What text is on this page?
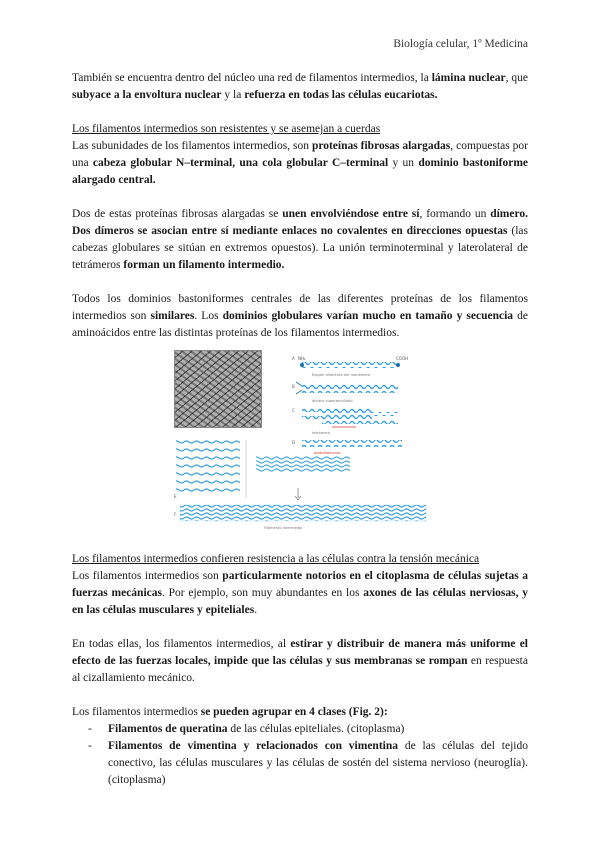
Biología celular, 1º Medicina

También se encuentra dentro del núcleo una red de filamentos intermedios, la lámina nuclear, que subyace a la envoltura nuclear y la refuerza en todas las células eucariotas.

Los filamentos intermedios son resistentes y se asemejan a cuerdas

Las subunidades de los filamentos intermedios, son proteínas fibrosas alargadas, compuestas por una cabeza globular N–terminal, una cola globular C–terminal y un dominio bastoniforme alargado central.

Dos de estas proteínas fibrosas alargadas se unen envolviéndose entre sí, formando un dímero. Dos dímeros se asocian entre sí mediante enlaces no covalentes en direcciones opuestas (las cabezas globulares se sitúan en extremos opuestos). La unión terminoterminal y laterolateral de tetrámeros forman un filamento intermedio.

Todos los dominios bastoniformes centrales de las diferentes proteínas de los filamentos intermedios son similares. Los dominios globulares varían mucho en tamaño y secuencia de aminoácidos entre las distintas proteínas de los filamentos intermedios.

A NH₂	COOH
Región alfahélice del monómero
B
dímero superenrollado
C
tetrámero
D
protofilamento
E
F
Filamento intermedio

Los filamentos intermedios confieren resistencia a las células contra la tensión mecánica

Los filamentos intermedios son particularmente notorios en el citoplasma de células sujetas a fuerzas mecánicas. Por ejemplo, son muy abundantes en los axones de las células nerviosas, y en las células musculares y epiteliales.

En todas ellas, los filamentos intermedios, al estirar y distribuir de manera más uniforme el efecto de las fuerzas locales, impide que las células y sus membranas se rompan en respuesta al cizallamiento mecánico.

Los filamentos intermedios se pueden agrupar en 4 clases (Fig. 2):

- Filamentos de queratina de las células epiteliales. (citoplasma)
- Filamentos de vimentina y relacionados con vimentina de las células del tejido conectivo, las células musculares y las células de sostén del sistema nervioso (neuroglía). (citoplasma)
